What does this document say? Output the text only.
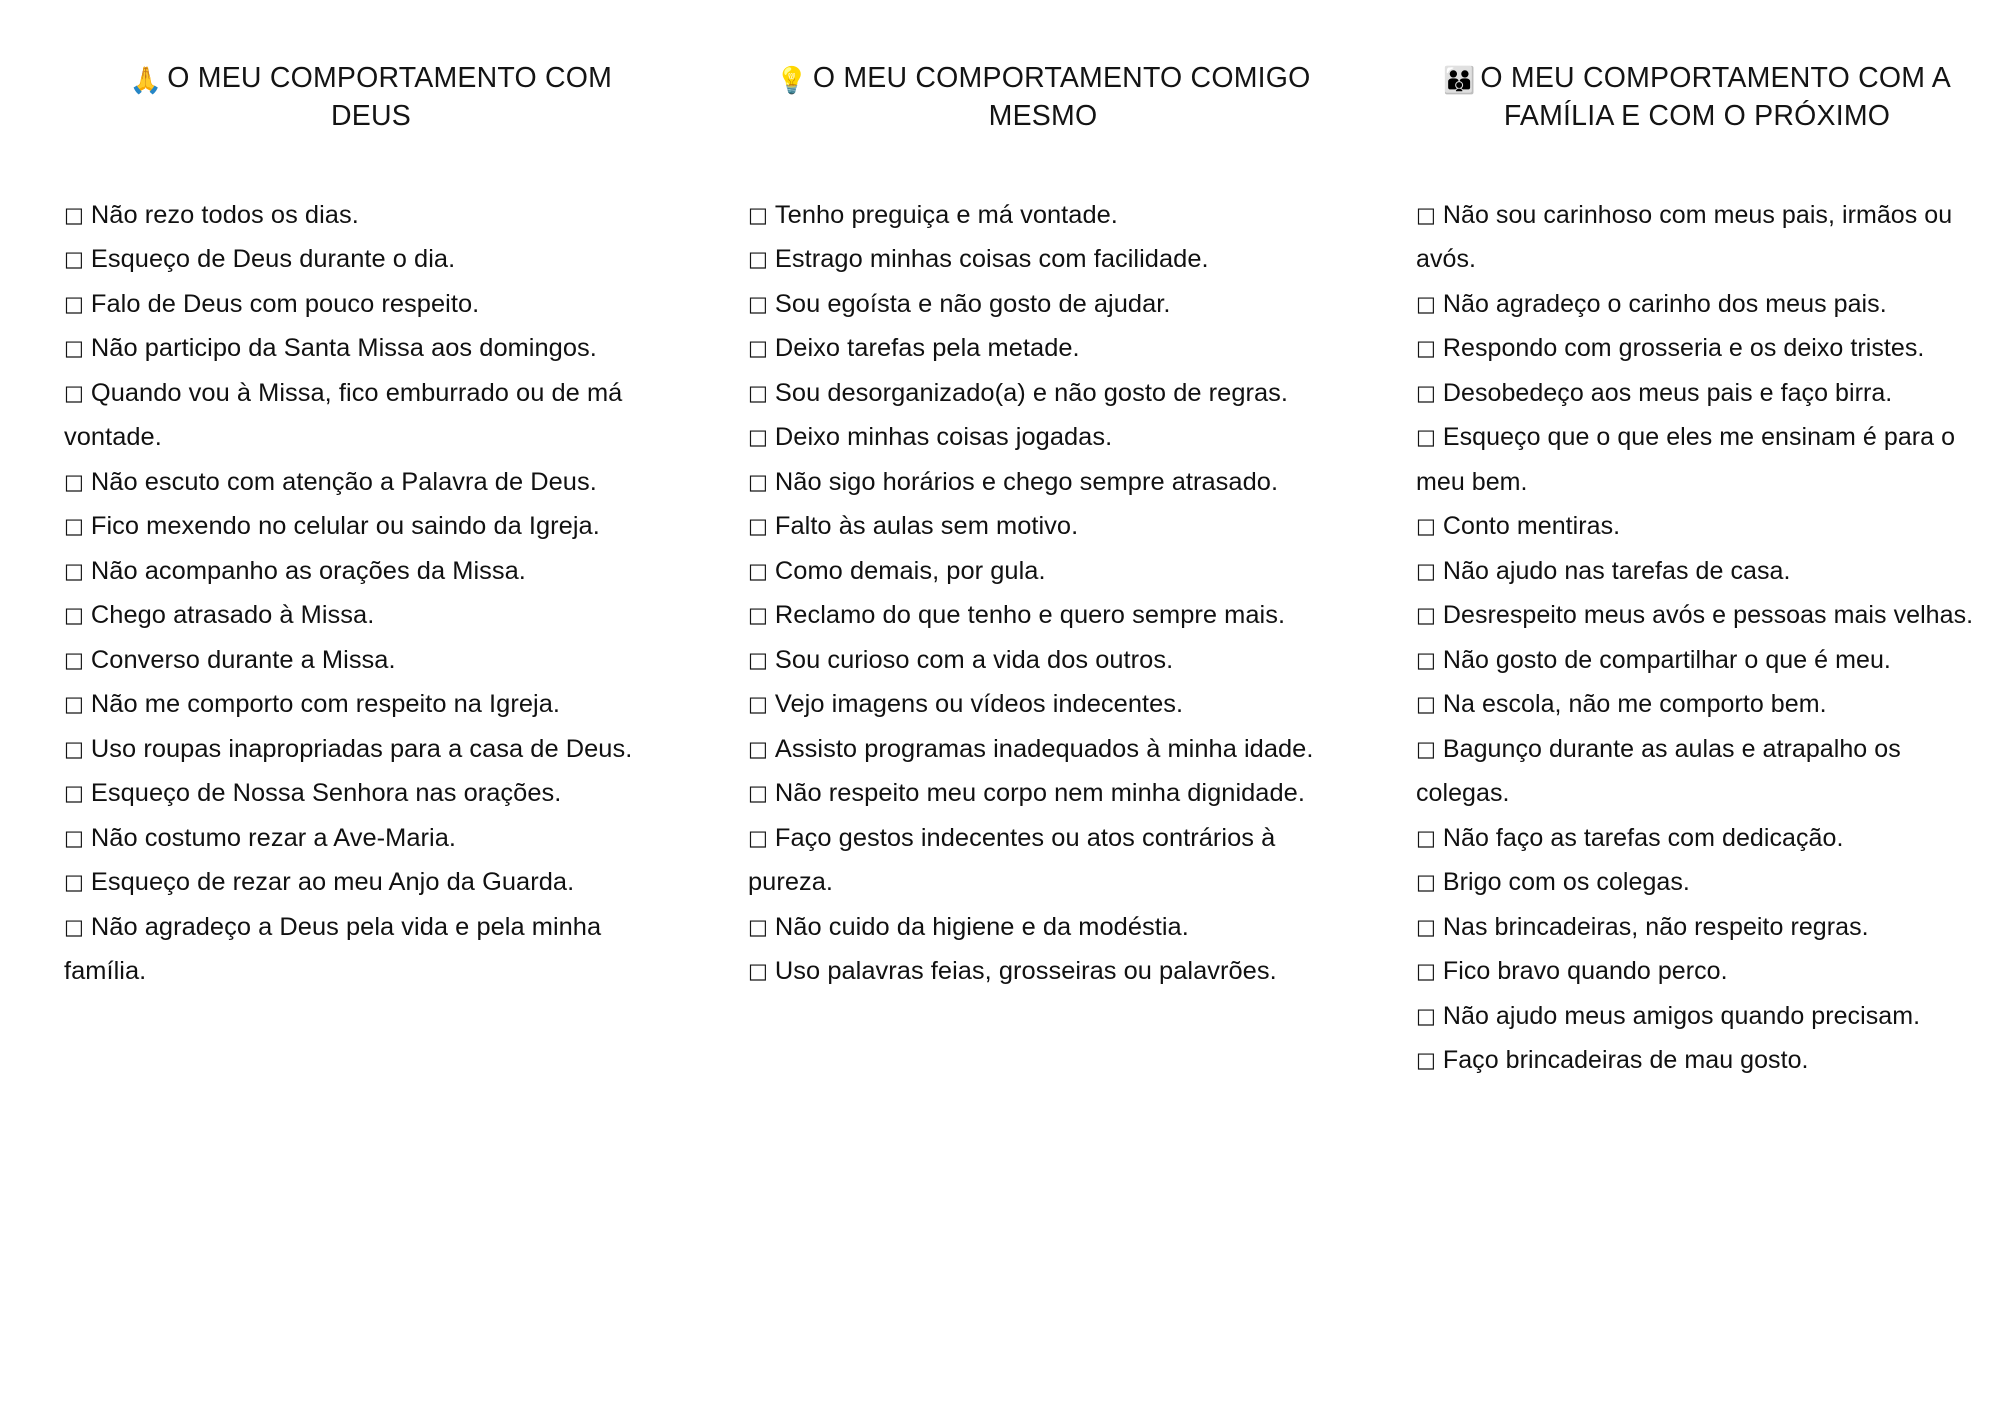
🙏 O MEU COMPORTAMENTO COM DEUS
□ Não rezo todos os dias.
□ Esqueço de Deus durante o dia.
□ Falo de Deus com pouco respeito.
□ Não participo da Santa Missa aos domingos.
□ Quando vou à Missa, fico emburrado ou de má vontade.
□ Não escuto com atenção a Palavra de Deus.
□ Fico mexendo no celular ou saindo da Igreja.
□ Não acompanho as orações da Missa.
□ Chego atrasado à Missa.
□ Converso durante a Missa.
□ Não me comporto com respeito na Igreja.
□ Uso roupas inapropriadas para a casa de Deus.
□ Esqueço de Nossa Senhora nas orações.
□ Não costumo rezar a Ave-Maria.
□ Esqueço de rezar ao meu Anjo da Guarda.
□ Não agradeço a Deus pela vida e pela minha família.
💡 O MEU COMPORTAMENTO COMIGO MESMO
□ Tenho preguiça e má vontade.
□ Estrago minhas coisas com facilidade.
□ Sou egoísta e não gosto de ajudar.
□ Deixo tarefas pela metade.
□ Sou desorganizado(a) e não gosto de regras.
□ Deixo minhas coisas jogadas.
□ Não sigo horários e chego sempre atrasado.
□ Falto às aulas sem motivo.
□ Como demais, por gula.
□ Reclamo do que tenho e quero sempre mais.
□ Sou curioso com a vida dos outros.
□ Vejo imagens ou vídeos indecentes.
□ Assisto programas inadequados à minha idade.
□ Não respeito meu corpo nem minha dignidade.
□ Faço gestos indecentes ou atos contrários à pureza.
□ Não cuido da higiene e da modéstia.
□ Uso palavras feias, grosseiras ou palavrões.
👪 O MEU COMPORTAMENTO COM A FAMÍLIA E COM O PRÓXIMO
□ Não sou carinhoso com meus pais, irmãos ou avós.
□ Não agradeço o carinho dos meus pais.
□ Respondo com grosseria e os deixo tristes.
□ Desobedeço aos meus pais e faço birra.
□ Esqueço que o que eles me ensinam é para o meu bem.
□ Conto mentiras.
□ Não ajudo nas tarefas de casa.
□ Desrespeito meus avós e pessoas mais velhas.
□ Não gosto de compartilhar o que é meu.
□ Na escola, não me comporto bem.
□ Bagunço durante as aulas e atrapalho os colegas.
□ Não faço as tarefas com dedicação.
□ Brigo com os colegas.
□ Nas brincadeiras, não respeito regras.
□ Fico bravo quando perco.
□ Não ajudo meus amigos quando precisam.
□ Faço brincadeiras de mau gosto.
